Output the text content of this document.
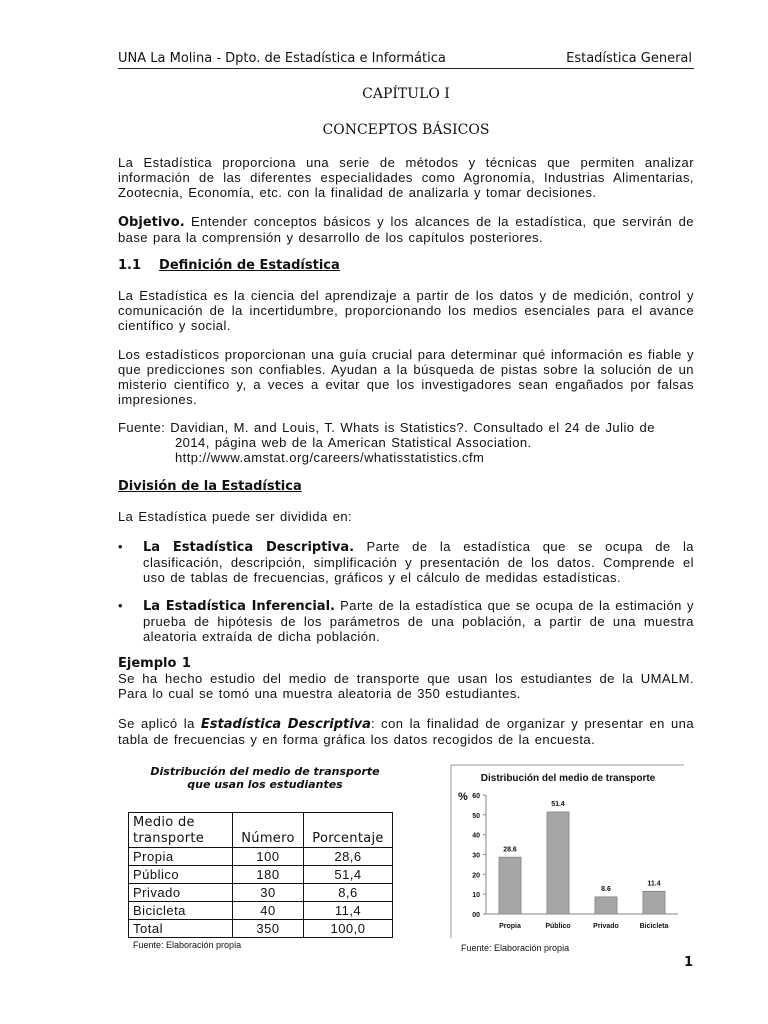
UNA La Molina - Dpto. de Estadística e Informática	Estadística General
CAPÍTULO I
CONCEPTOS BÁSICOS

La Estadística proporciona una serie de métodos y técnicas que permiten analizar información de las diferentes especialidades como Agronomía, Industrias Alimentarias, Zootecnia, Economía, etc. con la finalidad de analizarla y tomar decisiones.

Objetivo. Entender conceptos básicos y los alcances de la estadística, que servirán de base para la comprensión y desarrollo de los capítulos posteriores.

1.1 Definición de Estadística

La Estadística es la ciencia del aprendizaje a partir de los datos y de medición, control y comunicación de la incertidumbre, proporcionando los medios esenciales para el avance científico y social.

Los estadísticos proporcionan una guía crucial para determinar qué información es fiable y que predicciones son confiables. Ayudan a la búsqueda de pistas sobre la solución de un misterio científico y, a veces a evitar que los investigadores sean engañados por falsas impresiones.

Fuente: Davidian, M. and Louis, T. Whats is Statistics?. Consultado el 24 de Julio de
2014, página web de la American Statistical Association.
http://www.amstat.org/careers/whatisstatistics.cfm
División de la Estadística
La Estadística puede ser dividida en:
• La Estadística Descriptiva. Parte de la estadística que se ocupa de la clasificación, descripción, simplificación y presentación de los datos. Comprende el uso de tablas de frecuencias, gráficos y el cálculo de medidas estadísticas.
• La Estadística Inferencial. Parte de la estadística que se ocupa de la estimación y prueba de hipótesis de los parámetros de una población, a partir de una muestra aleatoria extraída de dicha población.
Ejemplo 1

Se ha hecho estudio del medio de transporte que usan los estudiantes de la UMALM. Para lo cual se tomó una muestra aleatoria de 350 estudiantes.

Se aplicó la Estadística Descriptiva: con la finalidad de organizar y presentar en una tabla de frecuencias y en forma gráfica los datos recogidos de la encuesta.

Distribución del medio de transporte
que usan los estudiantes
Medio de
transporte	Número	Porcentaje
Propia	100	28,6
Público	180	51,4
Privado	30	8,6
Bicicleta	40	11,4
Total	350	100,0
Fuente: Elaboración propia
Distribución del medio de transporte
%
00
10
20
30
40
50
60
28.6
51.4
8.6
11.4
Propia	Público	Privado	Bicicleta
Fuente: Elaboración propia
1
